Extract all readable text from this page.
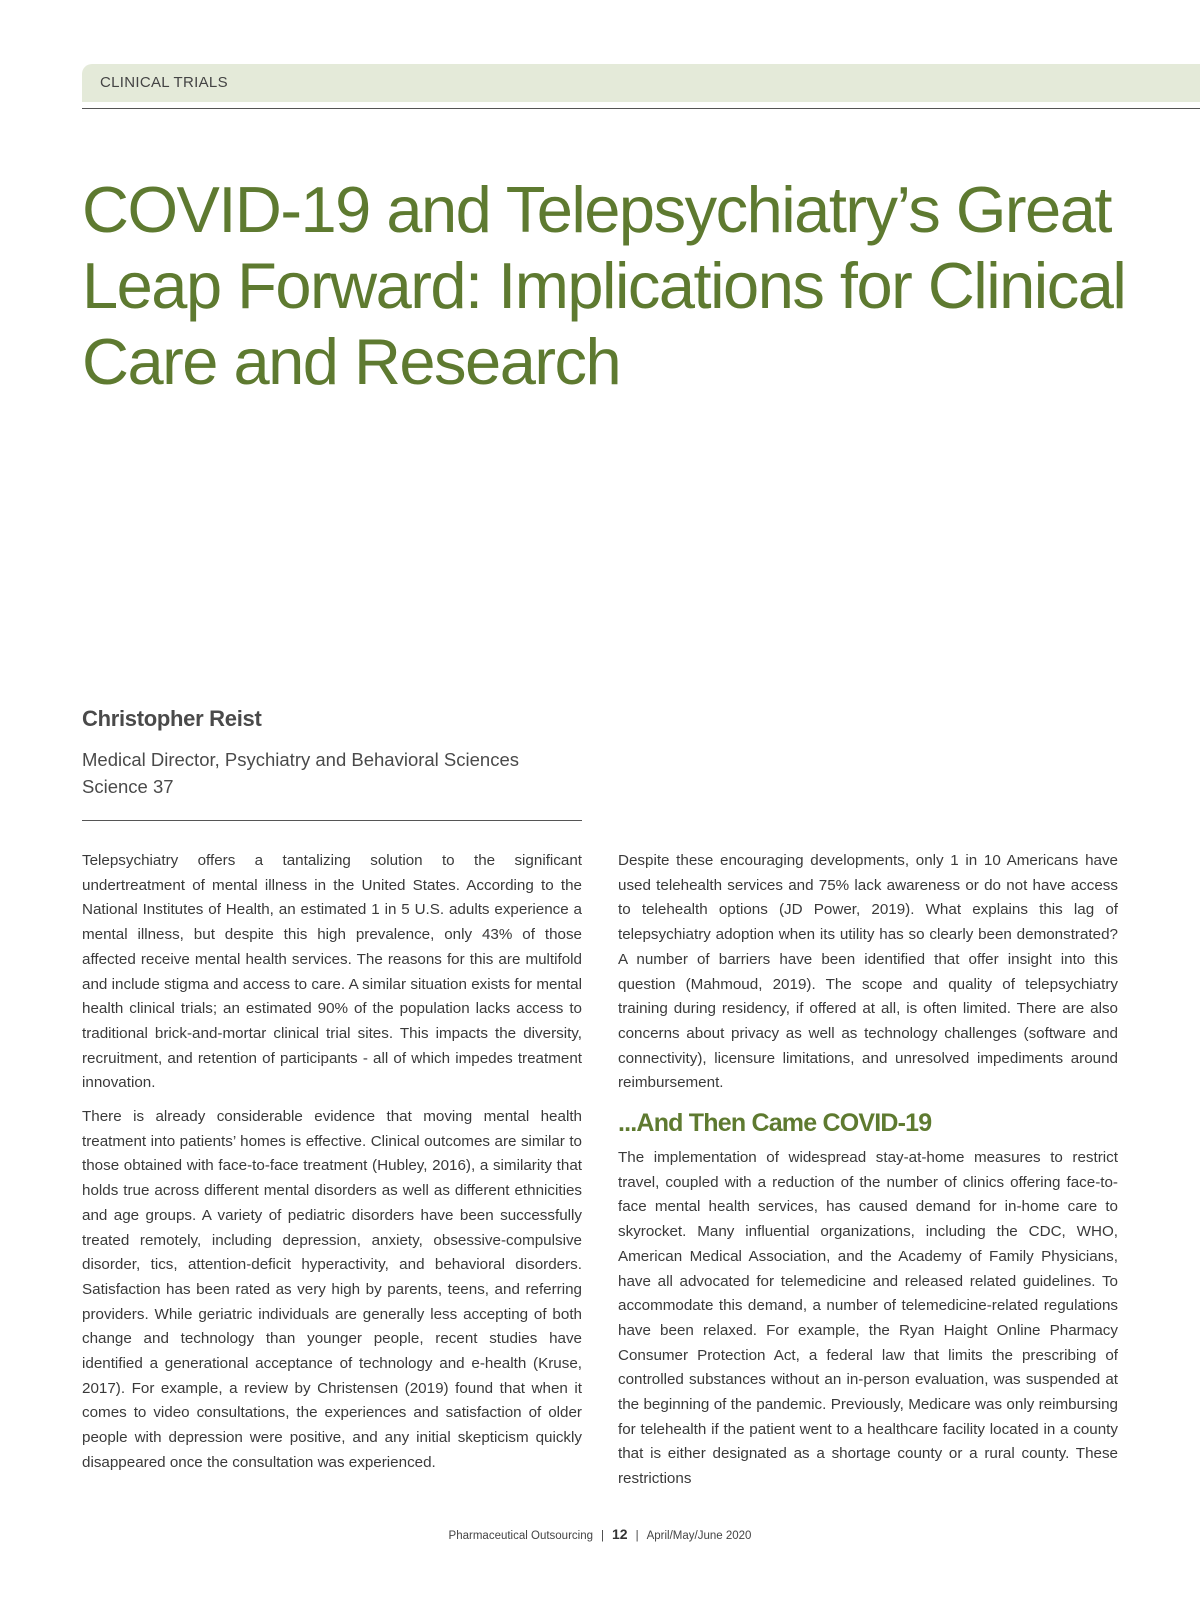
CLINICAL TRIALS
COVID-19 and Telepsychiatry’s Great Leap Forward: Implications for Clinical Care and Research
Christopher Reist
Medical Director, Psychiatry and Behavioral Sciences
Science 37

Telepsychiatry offers a tantalizing solution to the significant undertreatment of mental illness in the United States. According to the National Institutes of Health, an estimated 1 in 5 U.S. adults experience a mental illness, but despite this high prevalence, only 43% of those affected receive mental health services. The reasons for this are multifold and include stigma and access to care. A similar situation exists for mental health clinical trials; an estimated 90% of the population lacks access to traditional brick-and-mortar clinical trial sites. This impacts the diversity, recruitment, and retention of participants - all of which impedes treatment innovation.

There is already considerable evidence that moving mental health treatment into patients’ homes is effective. Clinical outcomes are similar to those obtained with face-to-face treatment (Hubley, 2016), a similarity that holds true across different mental disorders as well as different ethnicities and age groups. A variety of pediatric disorders have been successfully treated remotely, including depression, anxiety, obsessive-compulsive disorder, tics, attention-deficit hyperactivity, and behavioral disorders. Satisfaction has been rated as very high by parents, teens, and referring providers. While geriatric individuals are generally less accepting of both change and technology than younger people, recent studies have identified a generational acceptance of technology and e-health (Kruse, 2017). For example, a review by Christensen (2019) found that when it comes to video consultations, the experiences and satisfaction of older people with depression were positive, and any initial skepticism quickly disappeared once the consultation was experienced.

Despite these encouraging developments, only 1 in 10 Americans have used telehealth services and 75% lack awareness or do not have access to telehealth options (JD Power, 2019). What explains this lag of telepsychiatry adoption when its utility has so clearly been demonstrated? A number of barriers have been identified that offer insight into this question (Mahmoud, 2019). The scope and quality of telepsychiatry training during residency, if offered at all, is often limited. There are also concerns about privacy as well as technology challenges (software and connectivity), licensure limitations, and unresolved impediments around reimbursement.

...And Then Came COVID-19

The implementation of widespread stay-at-home measures to restrict travel, coupled with a reduction of the number of clinics offering face-to-face mental health services, has caused demand for in-home care to skyrocket. Many influential organizations, including the CDC, WHO, American Medical Association, and the Academy of Family Physicians, have all advocated for telemedicine and released related guidelines. To accommodate this demand, a number of telemedicine-related regulations have been relaxed. For example, the Ryan Haight Online Pharmacy Consumer Protection Act, a federal law that limits the prescribing of controlled substances without an in-person evaluation, was suspended at the beginning of the pandemic. Previously, Medicare was only reimbursing for telehealth if the patient went to a healthcare facility located in a county that is either designated as a shortage county or a rural county. These restrictions

Pharmaceutical Outsourcing | 12 | April/May/June 2020
